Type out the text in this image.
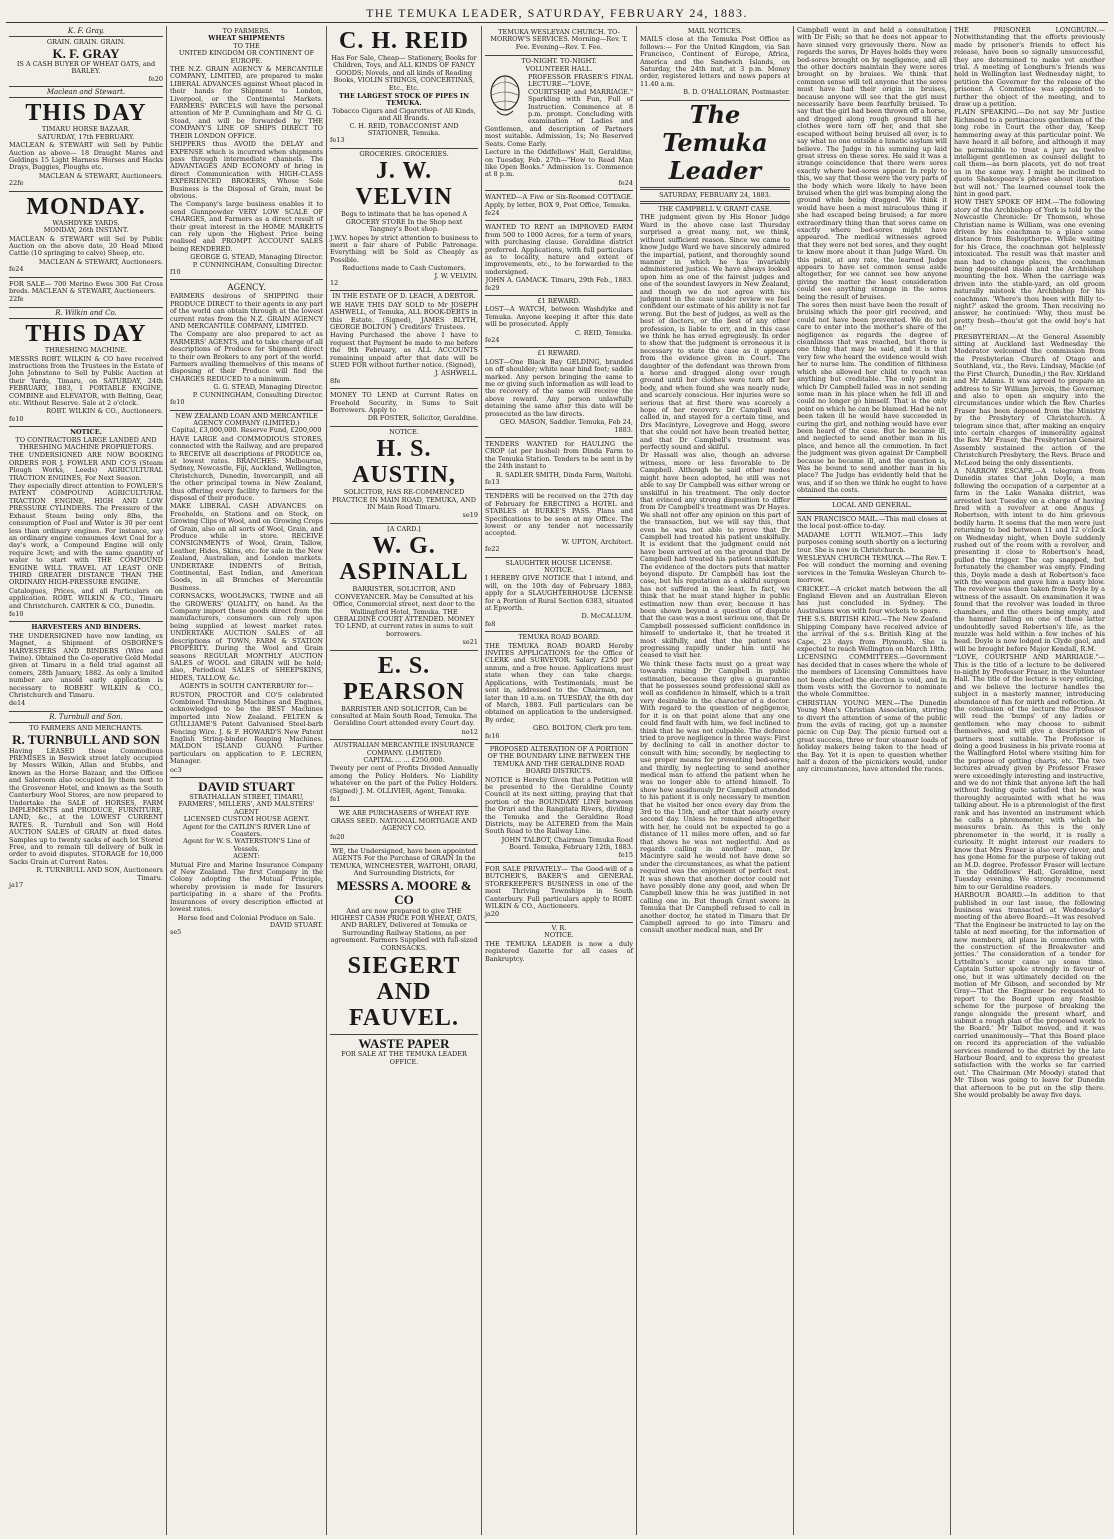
THE TEMUKA LEADER, SATURDAY, FEBRUARY 24, 1883.
K. F. Gray.
GRAIN. GRAIN. GRAIN.
K. F. GRAY
IS A CASH BUYER OF WHEAT OATS, and BARLEY.
fe20
Maclean and Stewart.
THIS DAY
TIMARU HORSE BAZAAR.
SATURDAY, 17th FEBRUARY.

MACLEAN & STEWART will Sell by Public Auction as above— 18 Draught Mares and Geldings 15 Light Harness Horses and Hacks Drays, Buggies, Ploughs etc.

MACLEAN & STEWART, Auctioneers.
22fe
MONDAY.
WASHDYKE YARDS.
MONDAY, 26th INSTANT.

MACLEAN & STEWART will Sel by Public Auction on the above date, 20 Head Mixed Cattle (10 springing to calve) Sheep, etc.

MACLEAN & STEWART, Auctioneers.
fe24

FOR SALE— 700 Merino Ewes 300 Fat Cross breds. MACLEAN & STEWART, Auctioneers.

22fe
R. Wilkin and Co.
THIS DAY
THRESHING MACHINE.

MESSRS ROBT. WILKIN & CO have received instructions from the Trustees in the Estate of John Johnstone to Sell by Public Auction at their Yards, Timaru, on SATURDAY, 24th FEBRUARY, 1883, 1 PORTABLE ENGINE, COMBINE and ELEVATOR, with Belting, Gear, etc. Without Reserve. Sale at 2 o'clock.

ROBT. WILKIN & CO., Auctioneers.
fe10
NOTICE.
TO CONTRACTORS LARGE LANDED AND THRESHING MACHINE PROPRIETORS.

THE UNDERSIGNED ARE NOW BOOKING ORDERS FOR J. FOWLER AND CO'S (Steam Plough Works, Leeds) AGRICULTURAL TRACTION ENGINES, For Next Season.

They especially direct attention to FOWLER'S PATENT COMPOUND AGRICULTURAL TRACTION ENGINE, HIGH AND LOW PRESSURE CYLINDERS. The Pressure of the Exhaust Steam being only 8lbs, the consumption of Fuel and Water is 30 per cent less than ordinary engines. For instance, say an ordinary engine consumes 4cwt Coal for a day's work, a Compound Engine will only require 3cwt; and with the same quantity of water to start with THE COMPOUND ENGINE WILL TRAVEL AT LEAST ONE THIRD GREATER DISTANCE THAN THE ORDINARY HIGH-PRESSURE ENGINE.

Catalogues, Prices, and all Particulars on application. ROBT. WILKIN & CO., Timaru and Christchurch. CARTER & CO., Dunedin.

fe10
HARVESTERS AND BINDERS.

THE UNDERSIGNED have now landing, ex Magnet, a Shipment of OSBORNE'S HARVESTERS AND BINDERS (Wire and Twine). Obtained the Co-operative Gold Medal given at Timaru in a field trial against all comers, 28th January, 1882. As only a limited number are unsold early application is necessary to ROBERT WILKIN & CO., Christchurch and Timaru.

de14
R. Turnbull and Son.
TO FARMERS AND MERCHANTS.
R. TURNBULL AND SON

Having LEASED those Commodious PREMISES in Beswick street lately occupied by Messrs Wilkin, Allan and Stubbs, and known as the Horse Bazaar, and the Offices and Saleroom also occupied by them next to the Grosvenor Hotel, and known as the South Canterbury Wool Stores, are now prepared to Undertake the SALE of HORSES, FARM IMPLEMENTS and PRODUCE, FURNITURE, LAND, &c., at the LOWEST CURRENT RATES. R. Turnbull and Son will Hold AUCTION SALES of GRAIN at fixed dates. Samples up to twenty sacks of each lot Stored Free, and to remain till delivery of bulk in order to avoid disputes. STORAGE for 10,000 Sacks Grain at Current Rates.

R. TURNBULL AND SON, Auctioneers Timaru.
ja17
TO FARMERS.
WHEAT SHIPMENTS
TO THE
UNITED KINGDOM OR CONTINENT OF EUROPE.

THE N.Z. GRAIN AGENCY & MERCANTILE COMPANY, LIMITED, are prepared to make LIBERAL ADVANCES against Wheat placed in their hands for Shipment to London, Liverpool, or the Continental Markets. FARMERS' PARCELS will have the personal attention of Mr P. Cunningham and Mr G. G. Stead, and will be forwarded by THE COMPANY'S LINE OF SHIPS DIRECT TO THEIR LONDON OFFICE.

SHIPPERS thus AVOID the DELAY and EXPENSE which is incurred when shipments pass through intermediate channels. The ADVANTAGES AND ECONOMY of bring in direct Communication with HIGH-CLASS EXPERIENCED BROKERS, Whose Sole Business is the Disposal of Grain, must be obvious.

The Company's large business enables it to send Gunnpowder VERY LOW SCALE OF CHARGES, and Farmers as a direct result of their great interest in the HOME MARKETS can rely upon the Highest Price being realised and PROMPT ACCOUNT SALES being RENDERED.

GEORGE G. STEAD, Managing Director.
P. CUNNINGHAM, Consulting Director.
f10
AGENCY.

FARMERS desirous of SHIPPING their PRODUCE DIRECT to their agents in any part of the world can obtain through at the lowest current rates from the N.Z. GRAIN AGENCY AND MERCANTILE COMPANY, LIMITED.

The Company are also prepared to act as FARMERS' AGENTS, and to take charge of all descriptions of Produce for Shipment direct to their own Brokers to any port of the world. Farmers availing themselves of this means of disposing of their Produce will find the CHARGES REDUCED to a minimum.

G. G. STEAD, Managing Director.
P. CUNNINGHAM, Consulting Director.
fe10
NEW ZEALAND LOAN AND MERCANTILE AGENCY COMPANY (LIMITED.)
Capital, £3,000,000. Reserve Fund, £200,000

HAVE LARGE and COMMODIOUS STORES, connected with the Railway, and are prepared to RECEIVE all descriptions of PRODUCE on, at lowest rates. BRANCHES: Melbourne, Sydney, Newcastle, Fiji, Auckland, Wellington, Christchurch, Dunedin, Invercargill, and all the other principal towns in New Zealand, thus offering every facility to farmers for the disposal of their produce.

MAKE LIBERAL CASH ADVANCES on Freeholds, on Stations and on Stock, on Growing Clips of Wool, and on Growing Crops of Grain, also on all sorts of Wool, Grain, and Produce while in store. RECEIVE CONSIGNMENTS of Wool, Grain, Tallow, Leather, Hides, Skins, etc. for sale in the New Zealand, Australian, and London markets. UNDERTAKE INDENTS of British, Continental, East Indian, and American Goods, in all Branches of Mercantile Business.

CORNSACKS, WOOLPACKS, TWINE and all the GROWERS' QUALITY, on hand. As the Company import these goods direct from the manufacturers, consumers can rely upon being supplied at lowest market rates. UNDERTAKE AUCTION SALES of all descriptions of TOWN, FARM & STATION PROPERTY. During the Wool and Grain seasons REGULAR MONTHLY AUCTION SALES of WOOL and GRAIN will be held; also, Periodical SALES of SHEEPSKINS, HIDES, TALLOW, &c.

AGENTS in SOUTH CANTERBURY for—

RUSTON, PROCTOR and CO'S celebrated Combined Threshing Machines and Engines, acknowledged to be the BEST Machines imported into New Zealand. FELTEN & GUILLIAME'S Patent Galvanised Steel-barb Fencing Wire. J. & F. HOWARD'S New Patent English String-binder Reaping Machines. MALDON ISLAND GUANO. Further particulars on application to F. LECREN, Manager.

oc3
DAVID STUART
STRATHALLAN STREET, TIMARU,
FARMERS', MILLERS', AND MALSTERS' AGENT
LICENSED CUSTOM HOUSE AGENT.
Agent for the CATLIN'S RIVER Line of Coasters.
Agent for W. S. WATERSTON'S Line of Vessels.
AGENT:

Mutual Fire and Marine Insurance Company of New Zealand. The first Company in the Colony adopting the Mutual Principle, whereby provision is made for Insurers participating in a share of the Profits. Insurances of every description effected at lowest rates.

Horse feed and Colonial Produce on Sale.
DAVID STUART.
se5
C. H. REID

Has For Sale, Cheap— Stationery, Books for Children, Toys, and ALL KINDS OF FANCY GOODS; Novels, and all kinds of Reading Books, VIOLIN STRINGS, CONCERTINAS, Etc., Etc.

THE LARGEST STOCK OF PIPES IN TEMUKA.
Tobacco Cigars and Cigarettes of All Kinds, and All Brands.
C. H. REID, TOBACCONIST AND STATIONER, Temuka.
fe13
GROCERIES. GROCERIES.
J. W. VELVIN

Begs to intimate that he has opened A GROCERY STORE In the Shop next Tangney's Boot shop.

J.W.V. hopes by strict attention to business to merit a fair share of Public Patronage. Everything will be Sold as Cheaply as Possible.

Reductions made to Cash Customers.
J. W. VELVIN.
12
IN THE ESTATE OF D. LEACH, A DEBTOR.

WE HAVE THIS DAY SOLD to Mr JOSEPH ASHWELL, of Temuka, ALL BOOK-DEBTS in this Estate. (Signed), JAMES BLYTH, GEORGE BOLTON } Creditors' Trustees.

Having Purchased the above I have to request that Payment be made to me before the 9th February, as ALL ACCOUNTS remaining unpaid after that date will be SUED FOR without further notice. (Signed),

J. ASHWELL.
8fe

MONEY TO LEND at Current Rates on Freehold Security, in Sums to Suit Borrowers. Apply to

DR FOSTER, Solicitor, Geraldine.
NOTICE.
H. S. AUSTIN,

SOLICITOR, HAS RE-COMMENCED PRACTICE IN MAIN ROAD, TEMUKA, AND IN Main Road Timaru.

se19
[A CARD.]
W. G. ASPINALL

BARRISTER, SOLICITOR, AND CONVEYANCER. May be Consulted at his Office, Commercial street, next door to the Wallingford Hotel, Temuka. THE GERALDINE COURT ATTENDED. MONEY TO LEND, at current rates in sums to suit borrowers.

se21
E. S. PEARSON

BARRISTER AND SOLICITOR, Can be consulted at Main South Road, Temuka. The Geraldine Court attended every Court day.

no12
AUSTRALIAN MERCANTILE INSURANCE COMPANY. (LIMITED)
CAPITAL ... ... £250,000.

Twenty per cent of Profits Divided Annually among the Policy Holders. No Liability whatever on the part of the Policy Holders. (Signed) J. M. OLLIVIER, Agent, Temuka.

fe1

WE ARE PURCHASERS of WHEAT RYE GRASS SEED. NATIONAL MORTGAGE AND AGENCY CO.

fe20

WE, the Undersigned, have been appointed AGENTS For the Purchase of GRAIN In the TEMUKA, WINCHESTER, WAITOHI, ORARI, And Surrounding Districts, for

MESSRS A. MOORE & CO

And are now prepared to give THE HIGHEST CASH PRICE FOR WHEAT, OATS, AND BARLEY, Delivered at Temuka or Surrounding Railway Stations, as per agreement. Farmers Supplied with full-sized CORNSACKS.

SIEGERT AND FAUVEL.
WASTE PAPER
FOR SALE AT THE TEMUKA LEADER OFFICE.

TEMUKA WESLEYAN CHURCH. TO-MORROW'S SERVICES. Morning—Rev. T. Fee. Evening—Rev. T. Fee.

TO-NIGHT. TO-NIGHT.
VOLUNTEER HALL.

PROFESSOR FRASER'S FINAL LECTURE—"LOVE, COURTSHIP, and MARRIAGE." Sparkling with Fun, Full of Instruction. Commence at 8 p.m. prompt. Concluding with examination of Ladies and Gentlemen, and description of Partners most suitable. Admission, 1s; No Reserved Seats. Come Early.

Lecture in the Oddfellows' Hall, Geraldine, on Tuesday, Feb. 27th—"How to Read Man like Open Books." Admission 1s. Commence at 8 p.m.

fe24

WANTED—A Five or Six-Roomed COTTAGE. Apply, by letter, BOX 9, Post Office, Temuka.

fe24

WANTED TO RENT an IMPROVED FARM from 500 to 1000 Acres, for a term of years, with purchasing clause. Geraldine district preferred. Applications, with full particulars as to locality, nature and extent of improvements, etc., to be forwarded to the undersigned.

JOHN A. GAMACK. Timaru, 29th Feb., 1883.
fe29
£1 REWARD.

LOST—A WATCH, between Washdyke and Temuka. Anyone keeping it after this date will be prosecuted. Apply

C. REID, Temuka.
fe24
£1 REWARD.

LOST—One Black Bay GELDING, branded on off shoulder; white near hind foot; saddle marked. Any person bringing the same to me or giving such information as will lead to the recovery of the same will receive the above reward. Any person unlawfully detaining the same after this date will be prosecuted as the law directs.

GEO. MASON, Saddler. Temuka, Feb 24, 1883.

TENDERS WANTED for HAULING the CROP (at per bushel) from Dinda Farm to the Temuka Station. Tenders to be sent in by the 24th instant to

R. SADLER SMITH, Dinda Farm, Waitohi.
fe13

TENDERS will be received on the 27th day of February for ERECTING a HOTEL and STABLES at BURKE'S PASS. Plans and Specifications to be seen at my Office. The lowest or any tender not necessarily accepted.

W. UPTON, Architect.
fe22
SLAUGHTER HOUSE LICENSE.
NOTICE.

I HEREBY GIVE NOTICE that I intend, and will, on the 10th day of February 1883, apply for a SLAUGHTERHOUSE LICENSE for a Portion of Rural Section 6383, situated at Epworth.

D. McCALLUM.
fe8
TEMUKA ROAD BOARD.

THE TEMUKA ROAD BOARD Hereby INVITES APPLICATIONS for the Office of CLERK and SURVEYOR. Salary £250 per annum, and a free house. Applications must state when they can take charge. Applications, with Testimonials, must be sent in, addressed to the Chairman, not later than 10 a.m. on TUESDAY, the 6th day of March, 1883. Full particulars can be obtained on application to the undersigned. By order,

GEO. BOLTON, Clerk pro tem.
fe16
PROPOSED ALTERATION OF A PORTION OF THE BOUNDARY LINE BETWEEN THE TEMUKA AND THE GERALDINE ROAD BOARD DISTRICTS.

NOTICE is Hereby Given that a Petition will be presented to the Geraldine County Council at its next sitting, praying that that portion of the BOUNDARY LINE between the Orari and the Rangitata Rivers, dividing the Temuka and the Geraldine Road Districts, may be ALTERED from the Main South Road to the Railway Line.

JOHN TALBOT, Chairman Temuka Road Board. Temuka, February 12th, 1883.
fe15

FOR SALE PRIVATELY— The Good-will of a BUTCHER'S, BAKER'S and GENERAL STOREKEEPER'S BUSINESS in one of the most Thriving Townships in South Canterbury. Full particulars apply to ROBT. WILKIN & CO., Auctioneers.

ja20
V. R.
NOTICE.

THE TEMUKA LEADER is now a duly registered Gazette for all cases of Bankruptcy.

MAIL NOTICES.

MAILS close at the Temuka Post Office as follows:— For the United Kingdom, via San Francisco, Continent of Europe, Africa, America and the Sandwich Islands, on Saturday, the 24th inst, at 3 p.m. Money order, registered letters and news papers at 11.40 a.m.

B. D. O'HALLORAN, Postmaster.
The Temuka Leader
SATURDAY, FEBRUARY 24, 1883.
THE CAMPBELL V. GRANT CASE.

THE judgment given by His Honor Judge Ward in the above case last Thursday surprised a great many, not, we think, without sufficient reason. Since we came to know Judge Ward we have sincerely admired the impartial, patient, and thoroughly sound manner in which he has invariably administered justice. We have always looked upon him as one of the fairest judges and one of the soundest lawyers in New Zealand, and though we do not agree with his judgment in the case under review we feel confident our estimate of his ability is not far wrong. But the best of judges, as well as the best of doctors, or the best of any other profession, is liable to err, and in this case we think he has erred egregiously. In order to show that the judgment is erroneous it is necessary to state the case as it appears from the evidence given in Court. The daughter of the defendant was thrown from a horse and dragged along over rough ground until her clothes were torn off her body, and when found she was nearly nude, and scarcely conscious. Her injuries were so serious that at first there was scarcely a hope of her recovery. Dr Campbell was called in, and stayed for a certain time, and Drs Macintyre, Lovegrove and Hogg, swore that she could not have been treated better, and that Dr Campbell's treatment was perfectly sound and skilful.

Dr Hassall was also, though an adverse witness, more or less favorable to Dr Campbell. Although he said other modes might have been adopted, he still was not able to say Dr Campbell was either wrong or unskilful in his treatment. The only doctor that evinced any strong disposition to differ from Dr Campbell's treatment was Dr Hayes. We shall not offer any opinion on this part of the transaction, but we will say this, that even he was not able to prove that Dr Campbell had treated his patient unskilfully. It is evident that the judgment could not have been arrived at on the ground that Dr Campbell had treated his patient unskilfully. The evidence of the doctors puts that matter beyond dispute. Dr Campbell has lost the case, but his reputation as a skilful surgeon has not suffered in the least. In fact, we think that he must stand higher in public estimation now than ever, because it has been shown beyond a question of dispute that the case was a most serious one, that Dr Campbell possessed sufficient confidence in himself to undertake it, that he treated it most skilfully, and that the patient was progressing rapidly under him until he ceased to visit her.

We think these facts must go a great way towards raising Dr Campbell in public estimation, because they give a guarantee that he possesses sound professional skill as well as confidence in himself, which is a trait very desirable in the character of a doctor. With regard to the question of negligence, for it is on that point alone that any one could find fault with him, we feel inclined to think that he was not culpable. The defence tried to prove negligence in three ways: First by declining to call in another doctor to consult with him; secondly, by neglecting to use proper means for preventing bed-sores; and thirdly, by neglecting to send another medical man to attend the patient when he was no longer able to attend himself. To show how assiduously Dr Campbell attended to his patient it is only necessary to mention that he visited her once every day from the 3rd to the 15th, and after that nearly every second day. Unless he remained altogether with her, he could not be expected to go a distance of 11 miles more often, and so far that shows he was not neglectful. And as regards calling in another man, Dr Macintyre said he would not have done so under the circumstances, as what the patient required was the enjoyment of perfect rest. It was shown that another doctor could not have possibly done any good, and when Dr Campbell knew this he was justified in not calling one in. But though Grant swore in Temuka that Dr Campbell refused to call in another doctor, he stated in Timaru that Dr Campbell agreed to go into Timaru and consult another medical man, and Dr

Campbell went in and held a consultation with Dr Fish; so that he does not appear to have sinned very grievously there. Now as regards the sores, Dr Hayes holds they were bed-sores brought on by negligence, and all the other doctors maintain they were sores brought on by bruises. We think that common sense will tell anyone that the sores must have had their origin in bruises, because anyone will see that the girl must necessarily have been fearfully bruised. To say that the girl had been thrown off a horse, and dragged along rough ground till her clothes were torn off her, and that she escaped without being bruised all over, is to say what no one outside a lunatic asylum will believe. The Judge in his summing up laid great stress on these sores. He said it was a strange coincidence that there were sores exactly where bed-sores appear. In reply to this, we say that these were the very parts of the body which were likely to have been bruised when the girl was bumping along the ground while being dragged. We think it would have been a most miraculous thing if she had escaped being bruised; a far more extraordinary thing than that sores came on exactly where bed-sores might have appeared. The medical witnesses agreed that they were not bed sores, and they ought to know more about it than Judge Ward. On this point, at any rate, the learned Judge appears to have set common sense aside altogether, for we cannot see how anyone giving the matter the least consideration could see anything strange in the sores being the result of bruises.

The sores then must have been the result of bruising which the poor girl received, and could not have been prevented. We do not care to enter into the mother's share of the negligence as regards the degree of cleanliness that was reached, but there is one thing that may be said, and it is that very few who heard the evidence would wish her to nurse him. The condition of filthiness which she allowed her child to reach was anything but creditable. The only point in which Dr Campbell failed was in not sending some man in his place when he fell ill and could no longer go himself. That is the only point on which he can be blamed. Had he not been taken ill he would have succeeded in curing the girl, and nothing would have ever been heard of the case. But he became ill, and neglected to send another man in his place, and hence all the commotion. In fact the judgment was given against Dr Campbell because he became ill, and the question is, Was he bound to send another man in his place? The Judge has evidently held that he was, and if so then we think he ought to have obtained the costs.

LOCAL AND GENERAL.

SAN FRANCISCO MAIL.—This mail closes at the local post-office to-day.

MADAME LOTTI WILMOT.—This lady purposes coming south shortly on a lecturing tour. She is now in Christchurch.

WESLEYAN CHURCH TEMUKA.—The Rev. T. Fee will conduct the morning and evening services in the Temuka Wesleyan Church to-morrow.

CRICKET.—A cricket match between the all England Eleven and an Australian Eleven has just concluded in Sydney. The Australians won with four wickets to spare.

THE S.S. BRITISH KING.—The New Zealand Shipping Company have received advice of the arrival of the s.s. British King at the Cape, 23 days from Plymouth. She is expected to reach Wellington on March 18th.

LICENSING COMMITTEES.—Government has decided that in cases where the whole of the members of Licensing Committees have not been elected the election is void, and in them vests with the Governor to nominate the whole Committee.

CHRISTIAN YOUNG MEN.—The Dunedin Young Men's Christian Association, stirring to divert the attention of some of the public from the evils of racing, got up a monster picnic on Cup Day. The picnic turned out a great success, three or four steamer loads of holiday makers being taken to the head of the Bay. Yet it is open to question whether half a dozen of the picnickers would, under any circumstances, have attended the races.

THE PRISONER LONGBURN.—Notwithstanding that the efforts previously made by prisoner's friends to effect his release, have been so signally unsuccessful, they are determined to make yet another trial. A meeting of Longburn's friends was held in Wellington last Wednesday night, to petition the Governor for the release of the prisoner. A Committee was appointed to further the object of the meeting, and to draw up a petition.

PLAIN SPEAKING.—Do not say Mr Justice Richmond to a pertinacious gentleman of the long robe in Court the other day, 'Keep hammering away at this particular point. We have heard it all before, and although it may be permissible to treat a jury as twelve intelligent gentlemen as counsel delight to call them—as born placets, yet do not treat us in the same way. I might be inclined to quote Shakespeare's phrase about iteration but will not.' The learned counsel took the hint in good part.

HOW THEY SPOKE OF HIM.—The following story of the Archbishop of York is told by the Newcastle Chronicle: Dr Thomson, whose Christian name is William, was one evening driven by his coachman to a place some distance from Bishopthorpe. While waiting for his Grace, the coachman got helplessly intoxicated. The result was that master and man had to change places, the coachman being deposited inside and the Archbishop mounting the box. When the carriage was driven into the stable-yard, an old groom naturally mistook the Archbishop for his coachman. 'Where's thou been with Billy to-night?' asked the groom. Then receiving no answer, he continued: 'Why, thou must be pretty fresh—thou'st got the owld boy's hat on!'

PRESBYTERIAN.—At the General Assembly sitting at Auckland last Wednesday the Moderator welcomed the commission from the Presbyterian Church of Otago and Southland, viz., the Revs. Lindsay, Mackie (of the First Church, Dunedin,) the Rev. Kirkland and Mr Adams. It was agreed to prepare an address to Sir William Jervois, the Governor, and also to open an enquiry into the circumstances under which the Rev. Charles Fraser has been deposed from the Ministry by the Presbytery of Christchurch. A telegram since that, after making an enquiry into certain charges of immorality against the Rev. Mr Fraser, the Presbyterian General Assembly sustained the action of the Christchurch Presbytery, the Revs. Bruce and McLeod being the only dissentients.

A NARROW ESCAPE.—A telegram from Dunedin states that John Doyle, a man following the occupation of a carpenter at a farm in the Lake Wanaka district, was arrested last Tuesday on a charge of having fired with a revolver at one Angus J. Robertson, with intent to do him grievous bodily harm. It seems that the men were just returning to bed between 11 and 12 o'clock on Wednesday night, when Doyle suddenly rushed out of the room with a revolver, and presenting it close to Robertson's head, pulled the trigger. The cap snapped, but fortunately the chamber was empty. Finding this, Doyle made a dash at Robertson's face with the weapon and gave him a nasty blow. The revolver was then taken from Doyle by a witness of the assault. On examination it was found that the revolver was loaded in three chambers, and the others being empty, and the hammer falling on one of these latter undoubtedly saved Robertson's life, as the muzzle was held within a few inches of his head. Doyle is now lodged in Clyde gaol, and will be brought before Major Kendall, R.M.

"LOVE, COURTSHIP AND MARRIAGE."—This is the title of a lecture to be delivered to-night by Professor Fraser, in the Volunteer Hall. The title of the lecture is very enticing, and we believe the lecturer handles the subject in a masterly manner, introducing abundance of fun for mirth and reflection. At the conclusion of the lecture the Professor will read the 'bumps' of any ladies or gentlemen who may choose to submit themselves, and will give a description of partners most suitable. The Professor is doing a good business in his private rooms at the Wallingford Hotel where visiting him for the purpose of getting charts, etc. The two lectures already given by Professor Fraser were exceedingly interesting and instructive, and we do not think that anyone left the hall without feeling quite satisfied that he was thoroughly acquainted with what he was talking about. He is a phrenologist of the first rank and has invented an instrument which he calls a phrenometer, with which he measures brain. As this is the only phrenometer in the world, it is really a curiosity. It might interest our readers to know that Mrs Fraser is also very clever, and has gone Home for the purpose of taking out an M.D. degree. Professor Fraser will lecture in the Oddfellows' Hall, Geraldine, next Tuesday evening. We strongly recommend him to our Geraldine readers.

HARBOUR BOARD.—In addition to that published in our last issue, the following business was transacted at Wednesday's meeting of the above Board:—It was resolved 'That the Engineer be instructed to lay on the table at next meeting, for the information of new members, all plans in connection with the construction of the Breakwater and jetties.' The consideration of a tender for Lyttelton's scour came up some time. Captain Sutter spoke strongly in favour of one, but it was ultimately decided on the motion of Mr Gibson, and seconded by Mr Gray—'That the Engineer be requested to report to the Board upon any feasible scheme for the purpose of breaking the range alongside the present wharf, and submit a rough plan of the proposed work to the Board.' Mr Talbot moved, and it was carried unanimously—'That this Board place on record its appreciation of the valuable services rendered to the district by the late Harbour Board, and to express the greatest satisfaction with the works so far carried out.' The Chairman (Mr Moody) stated that Mr Tilson was going to leave for Dunedin that afternoon to be put on the slip there. She would probably be away five days.
